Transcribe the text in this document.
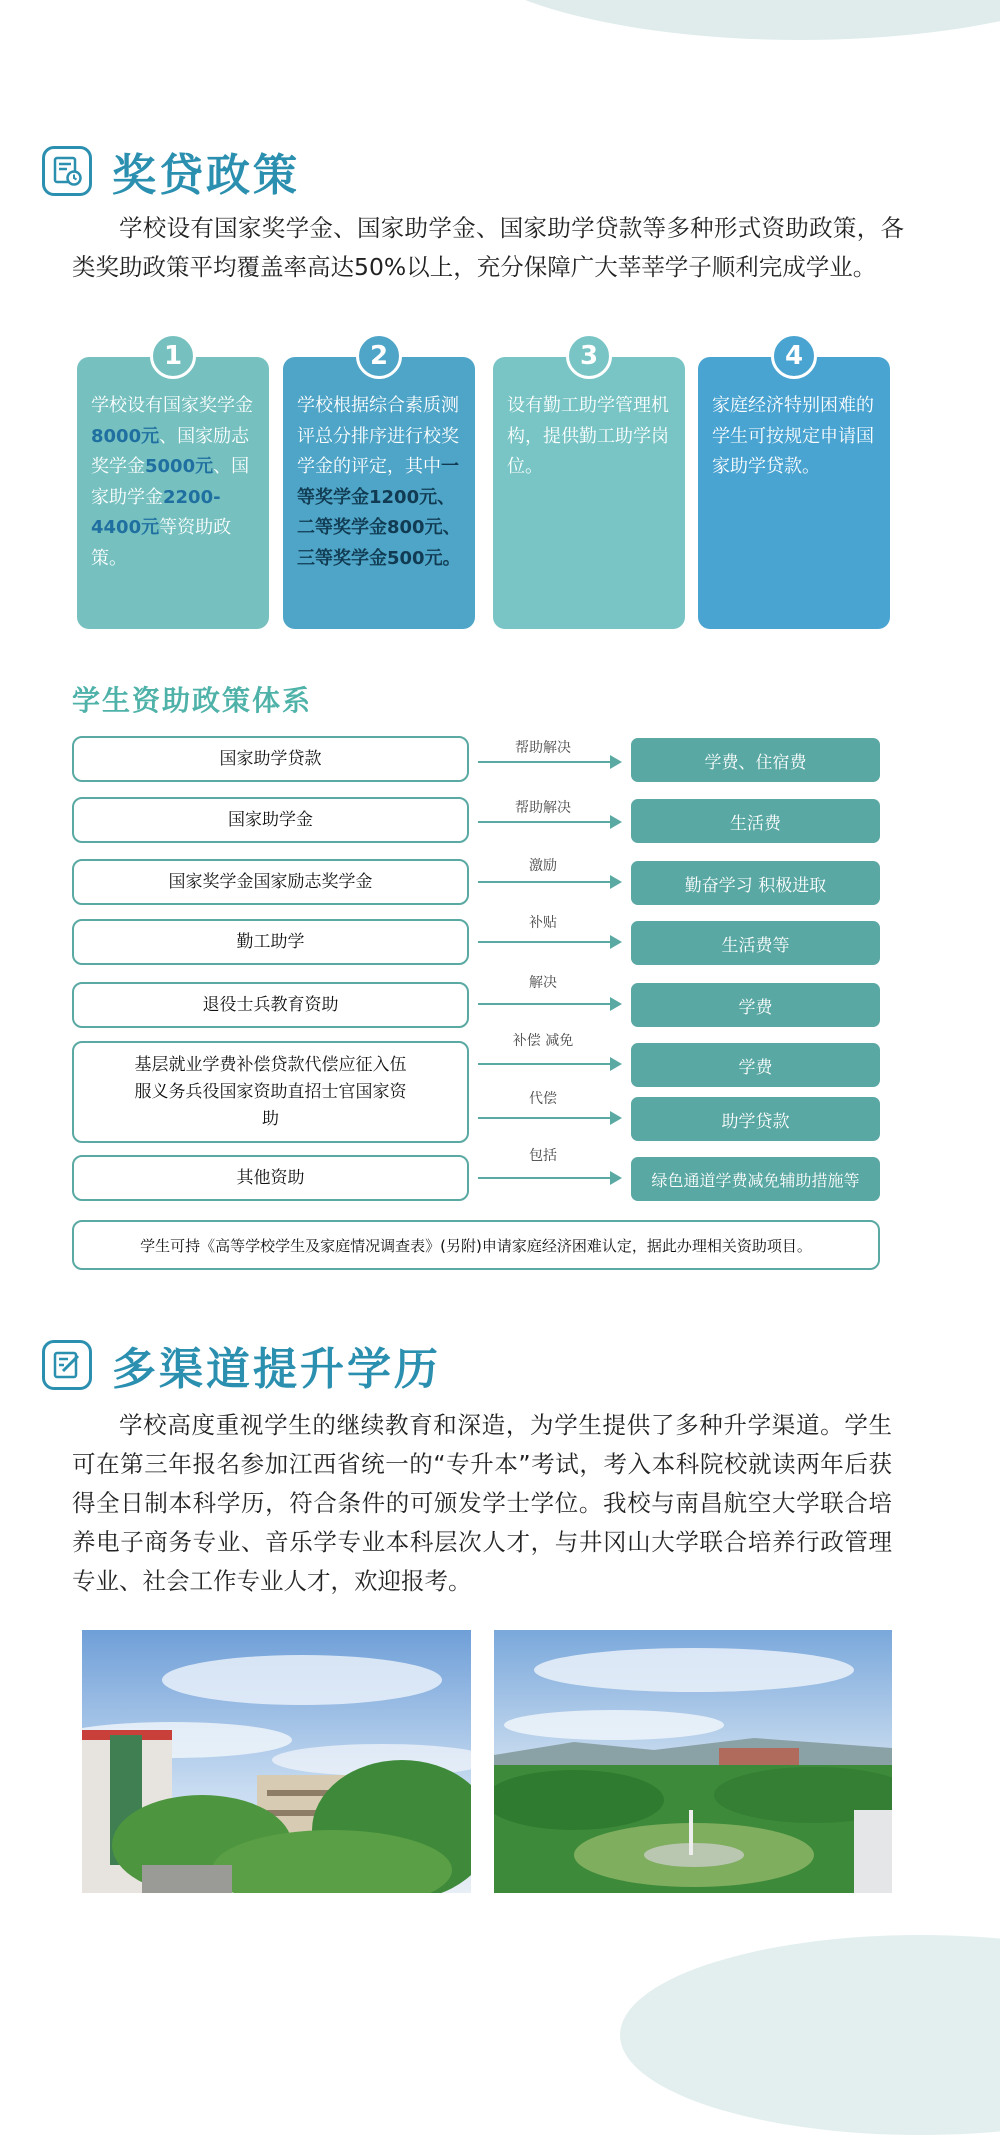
奖贷政策
学校设有国家奖学金、国家助学金、国家助学贷款等多种形式资助政策，各类奖助政策平均覆盖率高达50%以上，充分保障广大莘莘学子顺利完成学业。
1
学校设有国家奖学金8000元、国家励志奖学金5000元、国家助学金2200-4400元等资助政策。
2
学校根据综合素质测评总分排序进行校奖学金的评定，其中一等奖学金1200元、二等奖学金800元、三等奖学金500元。
3
设有勤工助学管理机构，提供勤工助学岗位。
4
家庭经济特别困难的学生可按规定申请国家助学贷款。
学生资助政策体系
国家助学贷款
国家助学金
国家奖学金国家励志奖学金
勤工助学
退役士兵教育资助
基层就业学费补偿贷款代偿应征入伍服义务兵役国家资助直招士官国家资助
其他资助
帮助解决
帮助解决
激励
补贴
解决
补偿 减免
代偿
包括
学费、住宿费
生活费
勤奋学习 积极进取
生活费等
学费
学费
助学贷款
绿色通道学费减免辅助措施等
学生可持《高等学校学生及家庭情况调查表》(另附)申请家庭经济困难认定，据此办理相关资助项目。
多渠道提升学历
学校高度重视学生的继续教育和深造，为学生提供了多种升学渠道。学生可在第三年报名参加江西省统一的“专升本”考试，考入本科院校就读两年后获得全日制本科学历，符合条件的可颁发学士学位。我校与南昌航空大学联合培养电子商务专业、音乐学专业本科层次人才，与井冈山大学联合培养行政管理专业、社会工作专业人才，欢迎报考。
